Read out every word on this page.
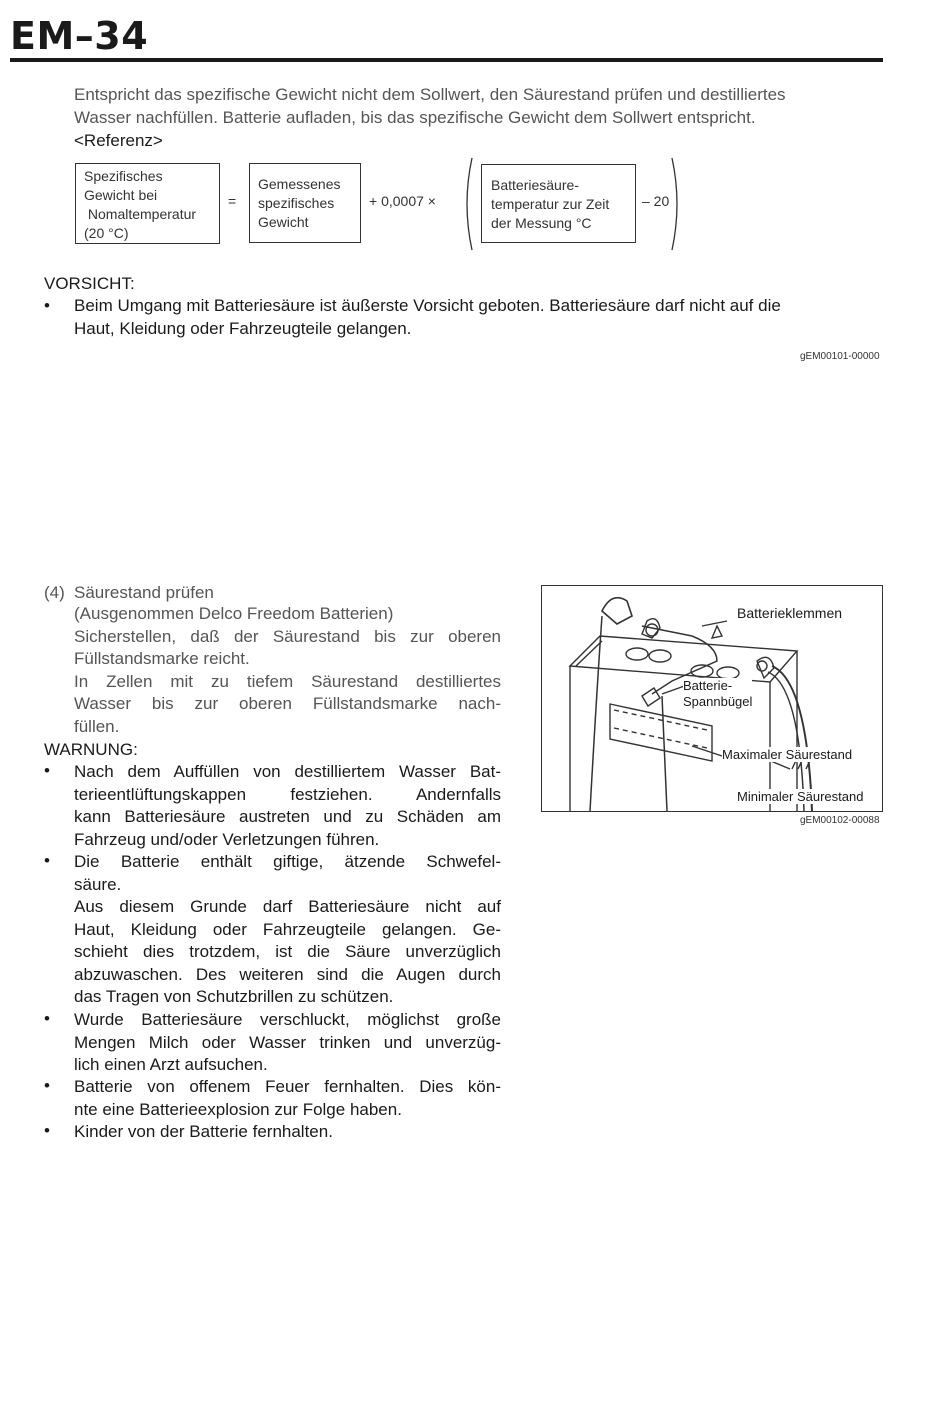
EM–34
Entspricht das spezifische Gewicht nicht dem Sollwert, den Säurestand prüfen und destilliertes
Wasser nachfüllen. Batterie aufladen, bis das spezifische Gewicht dem Sollwert entspricht.
<Referenz>
Spezifisches
Gewicht bei
Nomaltemperatur
(20 °C)
=
Gemessenes
spezifisches
Gewicht
+ 0,0007 ×
Batteriesäure-
temperatur zur Zeit
der Messung °C
– 20
VORSICHT:
• Beim Umgang mit Batteriesäure ist äußerste Vorsicht geboten. Batteriesäure darf nicht auf die
Haut, Kleidung oder Fahrzeugteile gelangen.
gEM00101-00000
(4) Säurestand prüfen
(Ausgenommen Delco Freedom Batterien)
Sicherstellen, daß der Säurestand bis zur oberen
Füllstandsmarke reicht.
In Zellen mit zu tiefem Säurestand destilliertes
Wasser bis zur oberen Füllstandsmarke nach-
füllen.
WARNUNG:
• Nach dem Auffüllen von destilliertem Wasser Bat-
terieentlüftungskappen festziehen. Andernfalls
kann Batteriesäure austreten und zu Schäden am
Fahrzeug und/oder Verletzungen führen.
• Die Batterie enthält giftige, ätzende Schwefel-
säure.
Aus diesem Grunde darf Batteriesäure nicht auf
Haut, Kleidung oder Fahrzeugteile gelangen. Ge-
schieht dies trotzdem, ist die Säure unverzüglich
abzuwaschen. Des weiteren sind die Augen durch
das Tragen von Schutzbrillen zu schützen.
• Wurde Batteriesäure verschluckt, möglichst große
Mengen Milch oder Wasser trinken und unverzüg-
lich einen Arzt aufsuchen.
• Batterie von offenem Feuer fernhalten. Dies kön-
nte eine Batterieexplosion zur Folge haben.
• Kinder von der Batterie fernhalten.
Batterieklemmen
Batterie-
Spannbügel
Maximaler Säurestand
Minimaler Säurestand
gEM00102-00088
